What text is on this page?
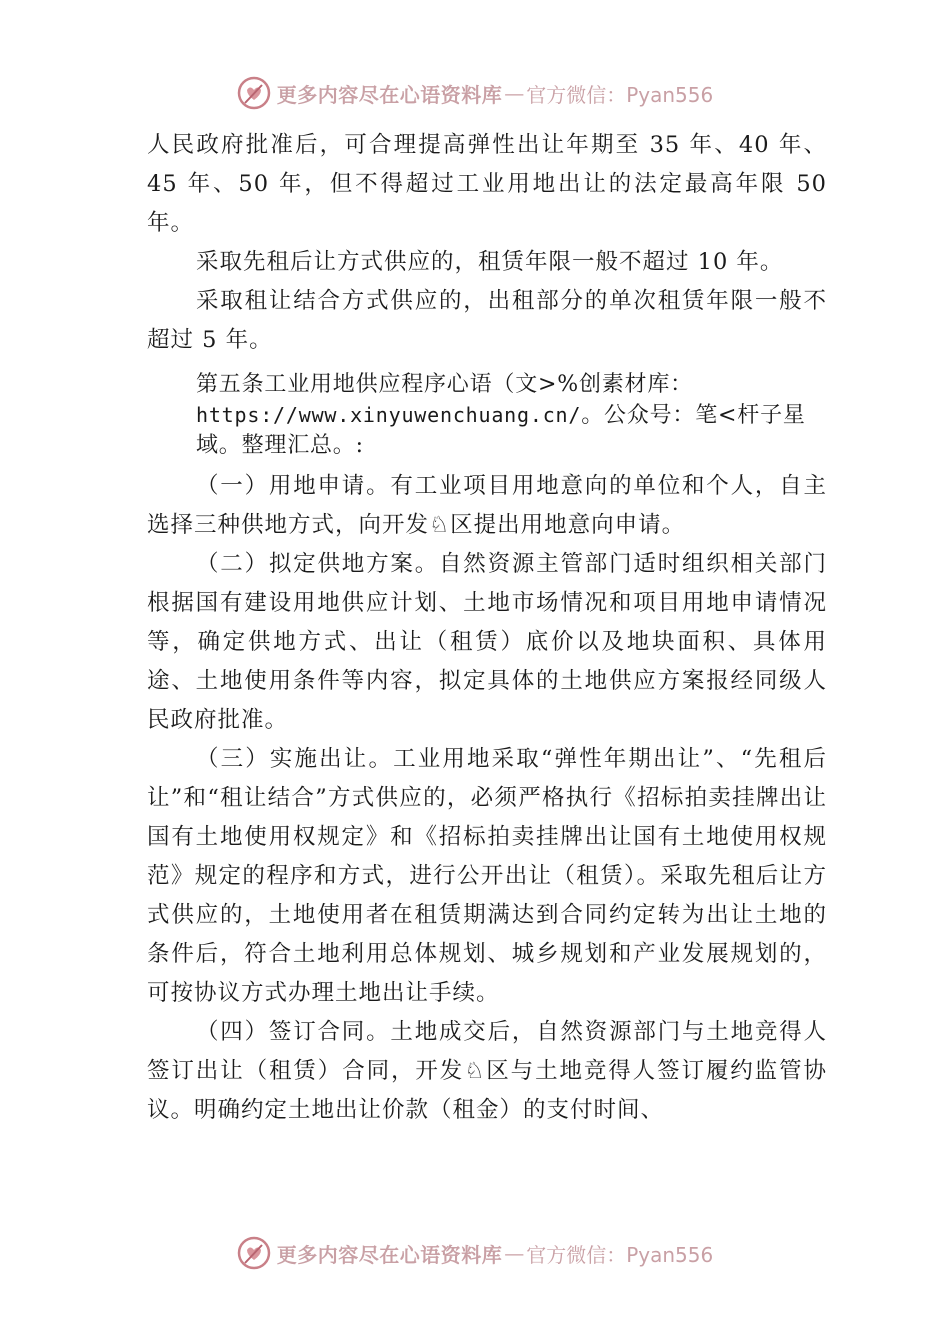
更多内容尽在心语资料库 — 官方微信：Pyan556

人民政府批准后，可合理提高弹性出让年期至 35 年、40 年、45 年、50 年，但不得超过工业用地出让的法定最高年限 50 年。

采取先租后让方式供应的，租赁年限一般不超过 10 年。

采取租让结合方式供应的，出租部分的单次租赁年限一般不超过 5 年。

第五条工业用地供应程序心语（文>%创素材库：
https://www.xinyuwenchuang.cn/。公众号：笔<杆子星域。整理汇总。:

（一）用地申请。有工业项目用地意向的单位和个人，自主选择三种供地方式，向开发♘区提出用地意向申请。

（二）拟定供地方案。自然资源主管部门适时组织相关部门根据国有建设用地供应计划、土地市场情况和项目用地申请情况等，确定供地方式、出让（租赁）底价以及地块面积、具体用途、土地使用条件等内容，拟定具体的土地供应方案报经同级人民政府批准。

（三）实施出让。工业用地采取“弹性年期出让”、“先租后让”和“租让结合”方式供应的，必须严格执行《招标拍卖挂牌出让国有土地使用权规定》和《招标拍卖挂牌出让国有土地使用权规范》规定的程序和方式，进行公开出让（租赁）。采取先租后让方式供应的，土地使用者在租赁期满达到合同约定转为出让土地的条件后，符合土地利用总体规划、城乡规划和产业发展规划的，可按协议方式办理土地出让手续。

（四）签订合同。土地成交后，自然资源部门与土地竞得人签订出让（租赁）合同，开发♘区与土地竞得人签订履约监管协议。明确约定土地出让价款（租金）的支付时间、

更多内容尽在心语资料库 — 官方微信：Pyan556
